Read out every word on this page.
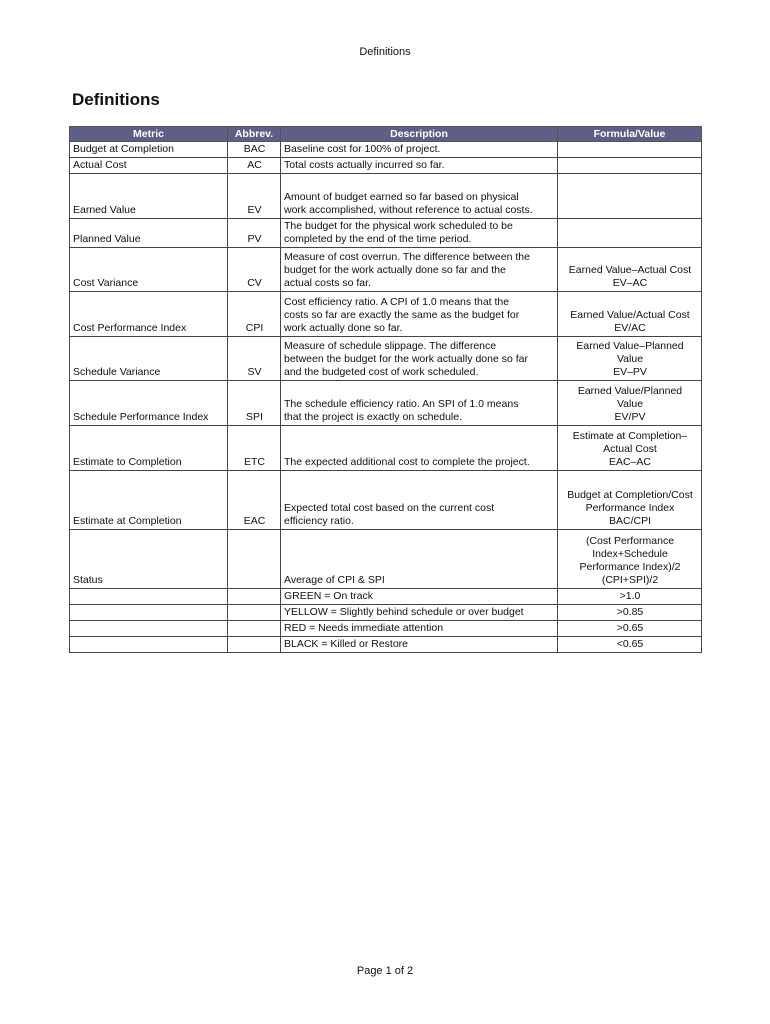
Definitions
Definitions
Metric	Abbrev.	Description	Formula/Value
Budget at Completion	BAC	Baseline cost for 100% of project.	
Actual Cost	AC	Total costs actually incurred so far.	
Earned Value	EV	Amount of budget earned so far based on physical
work accomplished, without reference to actual costs.	
Planned Value	PV	The budget for the physical work scheduled to be
completed by the end of the time period.	
Cost Variance	CV	Measure of cost overrun. The difference between the
budget for the work actually done so far and the
actual costs so far.	Earned Value–Actual Cost
EV–AC
Cost Performance Index	CPI	Cost efficiency ratio. A CPI of 1.0 means that the
costs so far are exactly the same as the budget for
work actually done so far.	Earned Value/Actual Cost
EV/AC
Schedule Variance	SV	Measure of schedule slippage. The difference
between the budget for the work actually done so far
and the budgeted cost of work scheduled.	Earned Value–Planned
Value
EV–PV
Schedule Performance Index	SPI	The schedule efficiency ratio. An SPI of 1.0 means
that the project is exactly on schedule.	Earned Value/Planned
Value
EV/PV
Estimate to Completion	ETC	The expected additional cost to complete the project.	Estimate at Completion–
Actual Cost
EAC–AC
Estimate at Completion	EAC	Expected total cost based on the current cost
efficiency ratio.	Budget at Completion/Cost
Performance Index
BAC/CPI
Status		Average of CPI & SPI	(Cost Performance
Index+Schedule
Performance Index)/2
(CPI+SPI)/2
		GREEN = On track	>1.0
		YELLOW = Slightly behind schedule or over budget	>0.85
		RED = Needs immediate attention	>0.65
		BLACK = Killed or Restore	<0.65
Page 1 of 2
